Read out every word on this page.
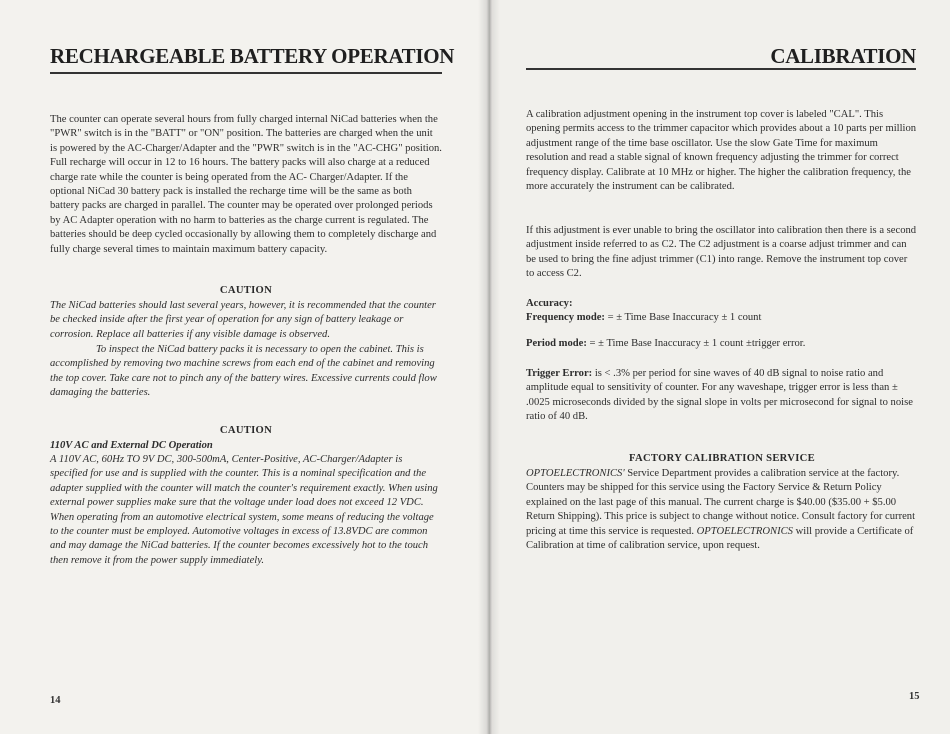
RECHARGEABLE BATTERY OPERATION
The counter can operate several hours from fully charged internal NiCad batteries when the "PWR" switch is in the "BATT" or "ON" position. The batteries are charged when the unit is powered by the AC-Charger/Adapter and the "PWR" switch is in the "AC-CHG" position. Full recharge will occur in 12 to 16 hours. The battery packs will also charge at a reduced charge rate while the counter is being operated from the AC- Charger/Adapter. If the optional NiCad 30 battery pack is installed the recharge time will be the same as both battery packs are charged in parallel. The counter may be operated over prolonged periods by AC Adapter operation with no harm to batteries as the charge current is regulated. The batteries should be deep cycled occasionally by allowing them to completely discharge and fully charge several times to maintain maximum battery capacity.
CAUTION
The NiCad batteries should last several years, however, it is recommended that the counter be checked inside after the first year of operation for any sign of battery leakage or corrosion. Replace all batteries if any visible damage is observed.
To inspect the NiCad battery packs it is necessary to open the cabinet. This is accomplished by removing two machine screws from each end of the cabinet and removing the top cover. Take care not to pinch any of the battery wires. Excessive currents could flow damaging the batteries.
CAUTION
110V AC and External DC Operation
A 110V AC, 60Hz TO 9V DC, 300-500mA, Center-Positive, AC-Charger/Adapter is specified for use and is supplied with the counter. This is a nominal specification and the adapter supplied with the counter will match the counter's requirement exactly. When using external power supplies make sure that the voltage under load does not exceed 12 VDC. When operating from an automotive electrical system, some means of reducing the voltage to the counter must be employed. Automotive voltages in excess of 13.8VDC are common and may damage the NiCad batteries. If the counter becomes excessively hot to the touch then remove it from the power supply immediately.
14
CALIBRATION
A calibration adjustment opening in the instrument top cover is labeled "CAL". This opening permits access to the trimmer capacitor which provides about a 10 parts per million adjustment range of the time base oscillator. Use the slow Gate Time for maximum resolution and read a stable signal of known frequency adjusting the trimmer for correct frequency display. Calibrate at 10 MHz or higher. The higher the calibration frequency, the more accurately the instrument can be calibrated.
If this adjustment is ever unable to bring the oscillator into calibration then there is a second adjustment inside referred to as C2. The C2 adjustment is a coarse adjust trimmer and can be used to bring the fine adjust trimmer (C1) into range. Remove the instrument top cover to access C2.
Accuracy:
Frequency mode: = ± Time Base Inaccuracy ± 1 count
Period mode: = ± Time Base Inaccuracy ± 1 count ±trigger error.
Trigger Error: is < .3% per period for sine waves of 40 dB signal to noise ratio and amplitude equal to sensitivity of counter. For any waveshape, trigger error is less than ± .0025 microseconds divided by the signal slope in volts per microsecond for signal to noise ratio of 40 dB.
FACTORY CALIBRATION SERVICE
OPTOELECTRONICS' Service Department provides a calibration service at the factory. Counters may be shipped for this service using the Factory Service & Return Policy explained on the last page of this manual. The current charge is $40.00 ($35.00 + $5.00 Return Shipping). This price is subject to change without notice. Consult factory for current pricing at time this service is requested. OPTOELECTRONICS will provide a Certificate of Calibration at time of calibration service, upon request.
15
